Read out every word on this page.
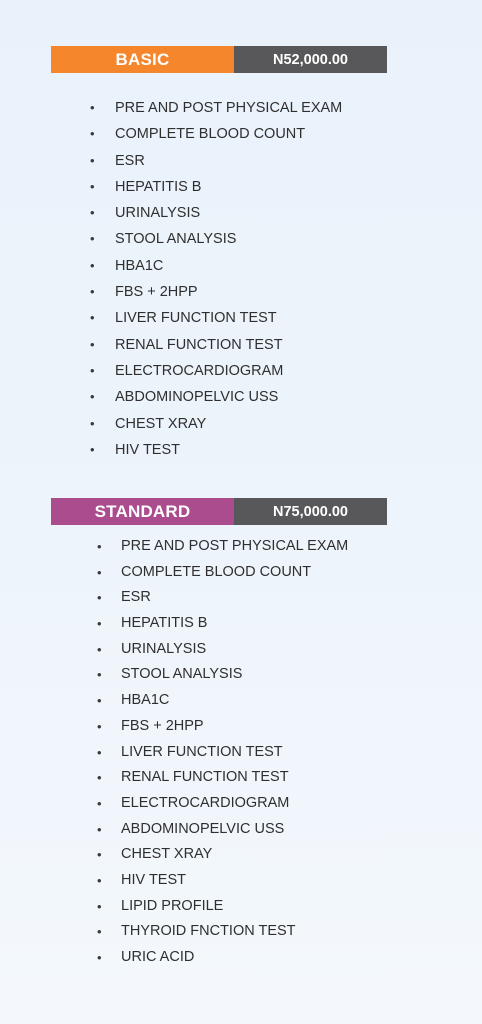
BASIC	N52,000.00
• PRE AND POST PHYSICAL EXAM
• COMPLETE BLOOD COUNT
• ESR
• HEPATITIS B
• URINALYSIS
• STOOL ANALYSIS
• HBA1C
• FBS + 2HPP
• LIVER FUNCTION TEST
• RENAL FUNCTION TEST
• ELECTROCARDIOGRAM
• ABDOMINOPELVIC USS
• CHEST XRAY
• HIV TEST
STANDARD	N75,000.00
• PRE AND POST PHYSICAL EXAM
• COMPLETE BLOOD COUNT
• ESR
• HEPATITIS B
• URINALYSIS
• STOOL ANALYSIS
• HBA1C
• FBS + 2HPP
• LIVER FUNCTION TEST
• RENAL FUNCTION TEST
• ELECTROCARDIOGRAM
• ABDOMINOPELVIC USS
• CHEST XRAY
• HIV TEST
• LIPID PROFILE
• THYROID FNCTION TEST
• URIC ACID
